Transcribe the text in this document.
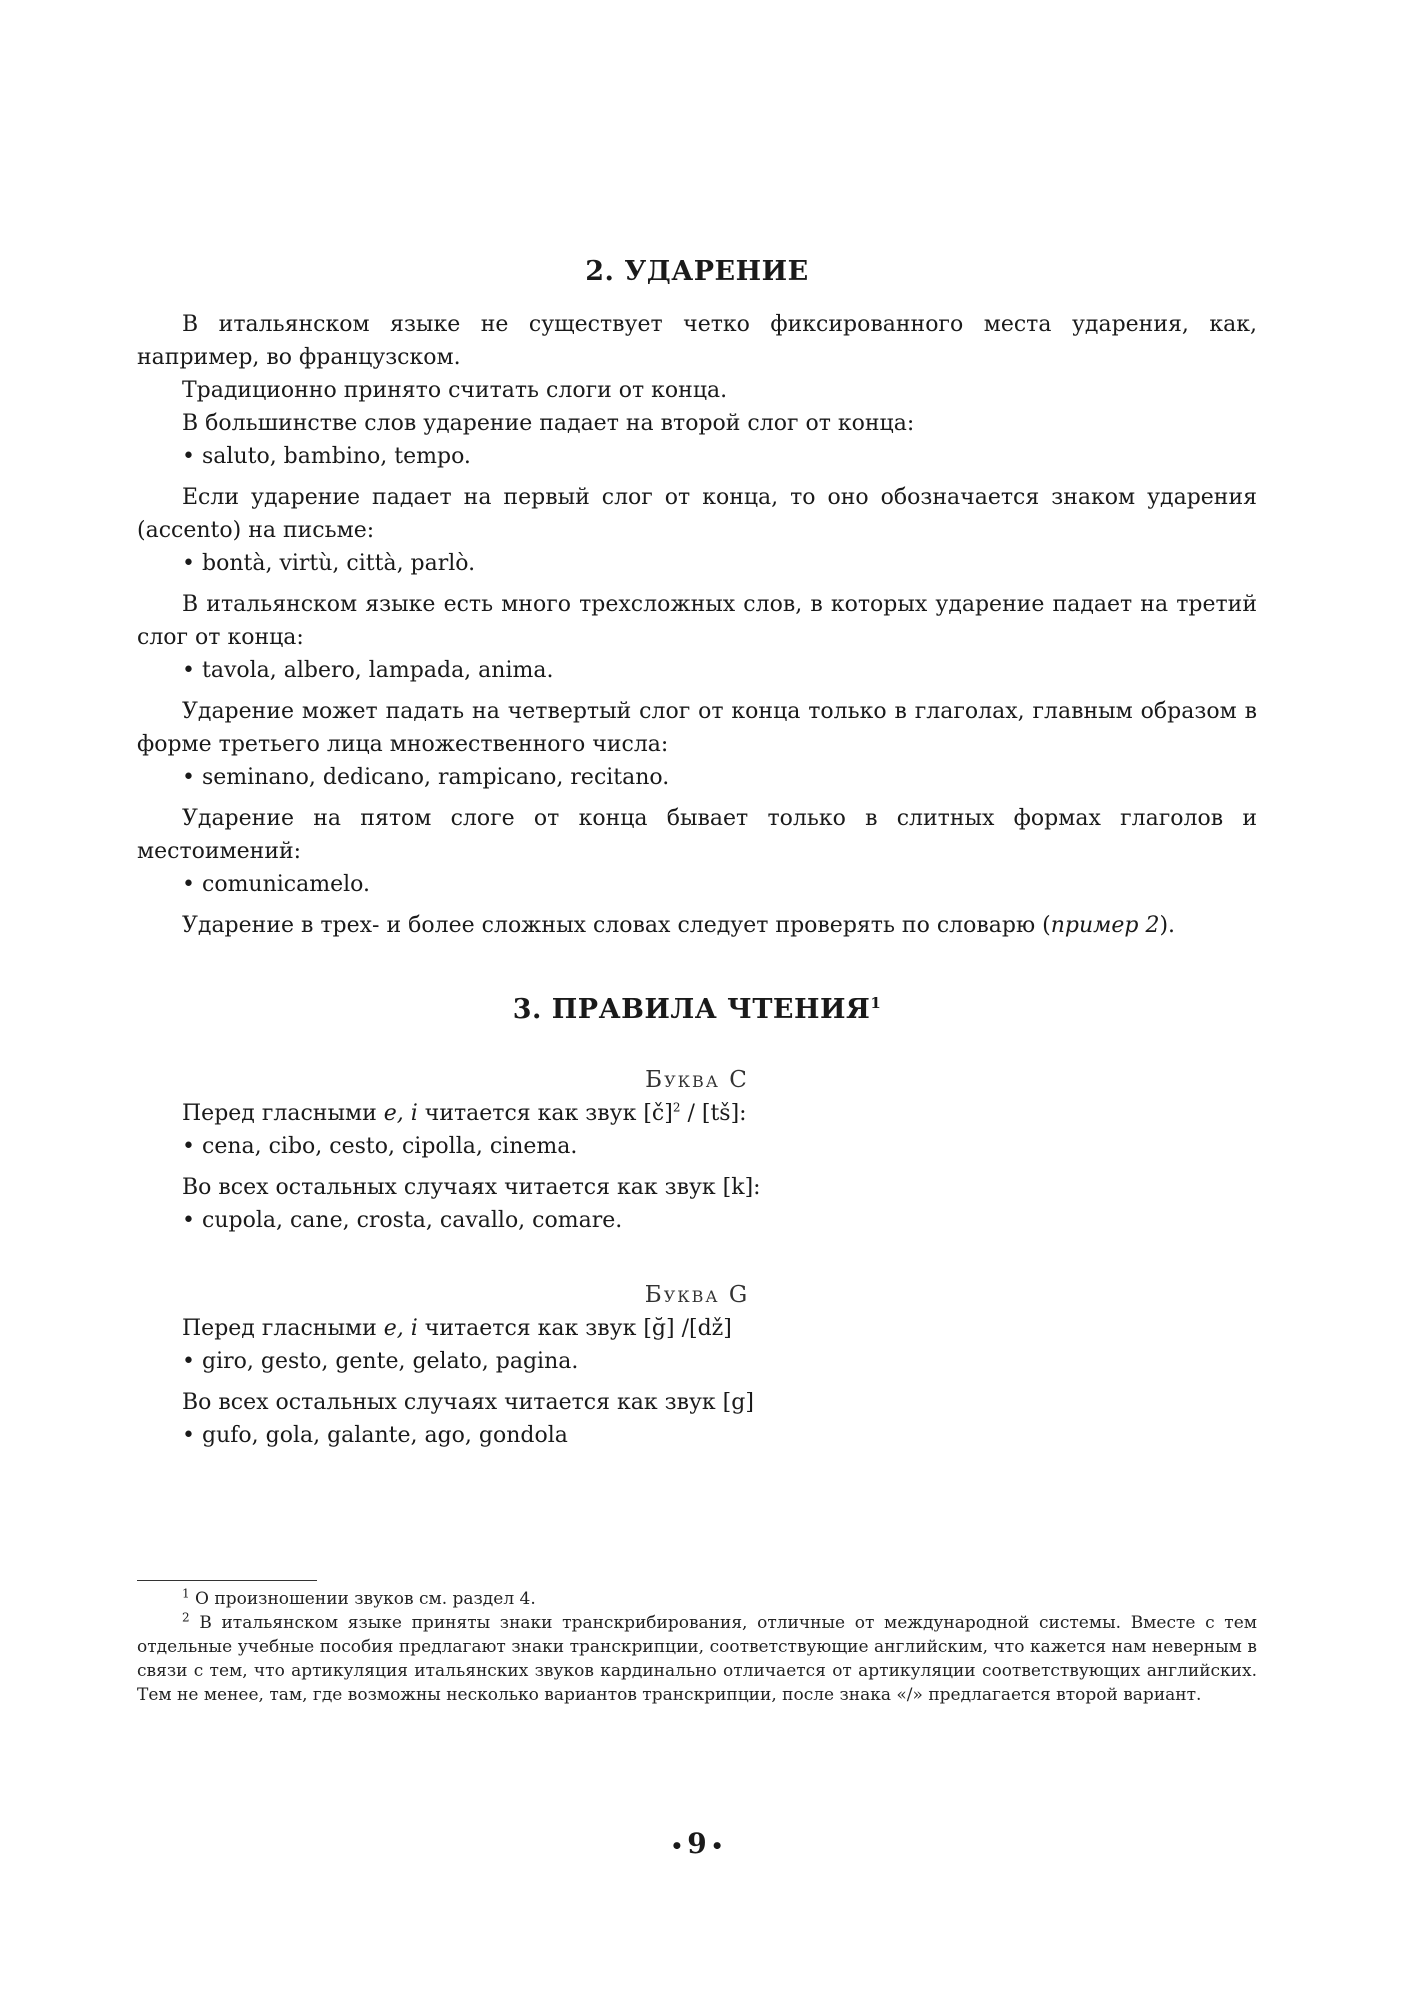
2. УДАРЕНИЕ

В итальянском языке не существует четко фиксированного места ударения, как, например, во французском.

Традиционно принято считать слоги от конца.

В большинстве слов ударение падает на второй слог от конца:

• saluto, bambino, tempo.

Если ударение падает на первый слог от конца, то оно обозначается знаком ударения (accento) на письме:

• bontà, virtù, città, parlò.

В итальянском языке есть много трехсложных слов, в которых ударение падает на третий слог от конца:

• tavola, albero, lampada, anima.

Ударение может падать на четвертый слог от конца только в глаголах, главным образом в форме третьего лица множественного числа:

• seminano, dedicano, rampicano, recitano.

Ударение на пятом слоге от конца бывает только в слитных формах глаголов и местоимений:

• comunicamelo.

Ударение в трех- и более сложных словах следует проверять по словарю (пример 2).

3. ПРАВИЛА ЧТЕНИЯ$^1$
Буква C

Перед гласными e, i читается как звук [č]$^2$ / [tš]:

• cena, cibo, cesto, cipolla, cinema.

Во всех остальных случаях читается как звук [k]:

• cupola, cane, crosta, cavallo, comare.

Буква G

Перед гласными e, i читается как звук [ğ] /[dž]

• giro, gesto, gente, gelato, pagina.

Во всех остальных случаях читается как звук [g]

• gufo, gola, galante, ago, gondola

$^1$ О произношении звуков см. раздел 4.

$^2$ В итальянском языке приняты знаки транскрибирования, отличные от международной системы. Вместе с тем отдельные учебные пособия предлагают знаки транскрипции, соответствующие английским, что кажется нам неверным в связи с тем, что артикуляция итальянских звуков кардинально отличается от артикуляции соответствующих английских. Тем не менее, там, где возможны несколько вариантов транскрипции, после знака «/» предлагается второй вариант.

• 9 •
